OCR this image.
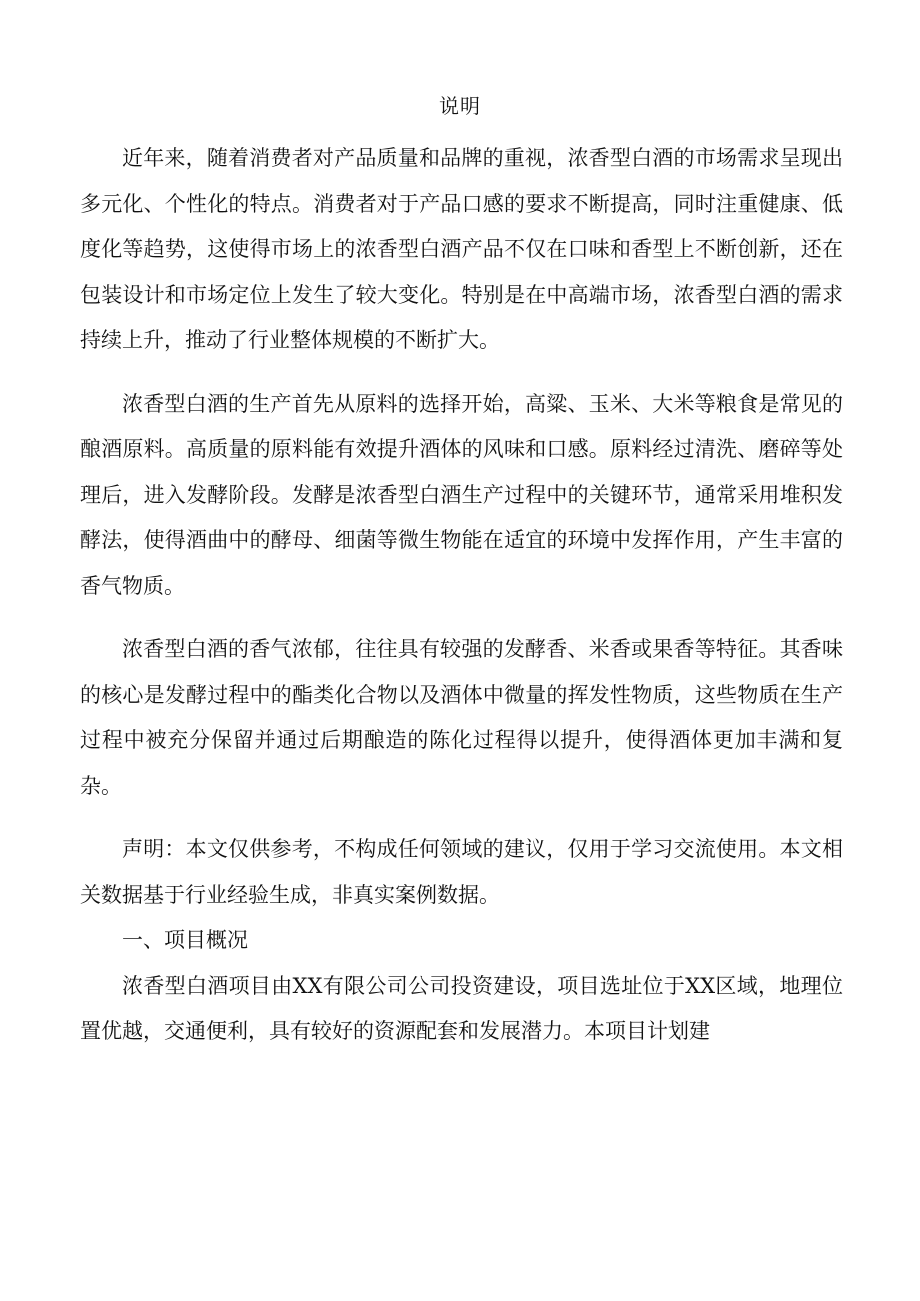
说明

近年来，随着消费者对产品质量和品牌的重视，浓香型白酒的市场需求呈现出多元化、个性化的特点。消费者对于产品口感的要求不断提高，同时注重健康、低度化等趋势，这使得市场上的浓香型白酒产品不仅在口味和香型上不断创新，还在包装设计和市场定位上发生了较大变化。特别是在中高端市场，浓香型白酒的需求持续上升，推动了行业整体规模的不断扩大。

浓香型白酒的生产首先从原料的选择开始，高粱、玉米、大米等粮食是常见的酿酒原料。高质量的原料能有效提升酒体的风味和口感。原料经过清洗、磨碎等处理后，进入发酵阶段。发酵是浓香型白酒生产过程中的关键环节，通常采用堆积发酵法，使得酒曲中的酵母、细菌等微生物能在适宜的环境中发挥作用，产生丰富的香气物质。

浓香型白酒的香气浓郁，往往具有较强的发酵香、米香或果香等特征。其香味的核心是发酵过程中的酯类化合物以及酒体中微量的挥发性物质，这些物质在生产过程中被充分保留并通过后期酿造的陈化过程得以提升，使得酒体更加丰满和复杂。

声明：本文仅供参考，不构成任何领域的建议，仅用于学习交流使用。本文相关数据基于行业经验生成，非真实案例数据。

一、项目概况

浓香型白酒项目由XX有限公司公司投资建设，项目选址位于XX区域，地理位置优越，交通便利，具有较好的资源配套和发展潜力。本项目计划建
